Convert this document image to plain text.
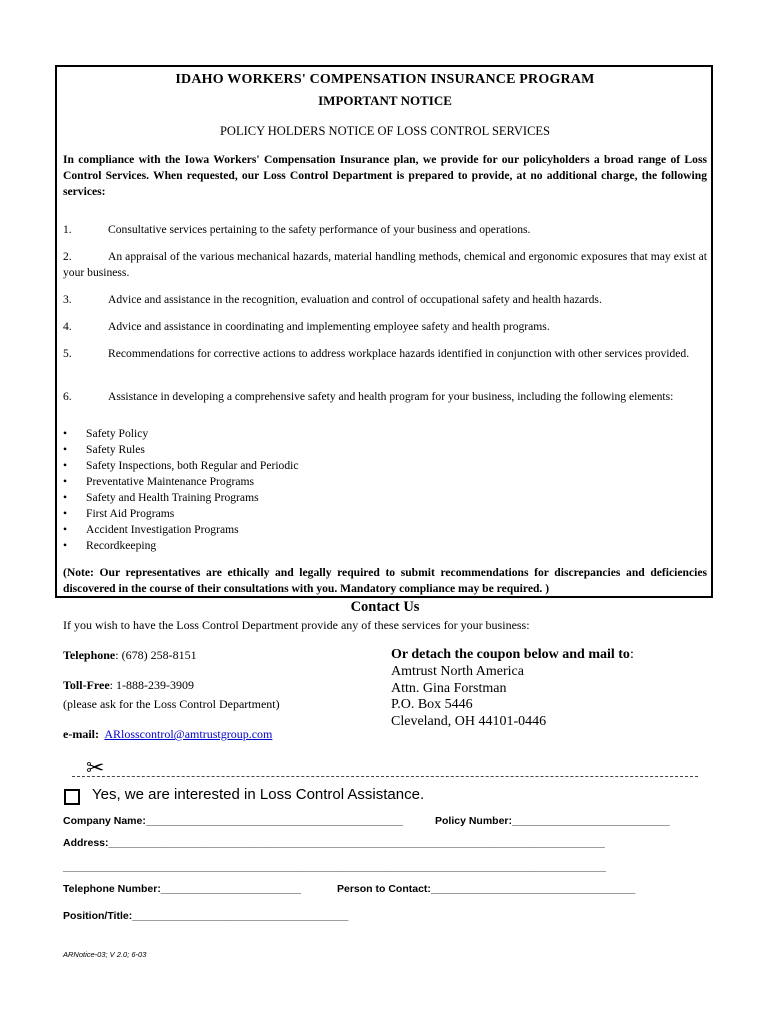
IDAHO WORKERS' COMPENSATION INSURANCE PROGRAM
IMPORTANT NOTICE
POLICY HOLDERS NOTICE OF LOSS CONTROL SERVICES
In compliance with the Iowa Workers' Compensation Insurance plan, we provide for our policyholders a broad range of Loss Control Services. When requested, our Loss Control Department is prepared to provide, at no additional charge, the following services:
1.	Consultative services pertaining to the safety performance of your business and operations.
2.	An appraisal of the various mechanical hazards, material handling methods, chemical and ergonomic exposures that may exist at your business.
3.	Advice and assistance in the recognition, evaluation and control of occupational safety and health hazards.
4.	Advice and assistance in coordinating and implementing employee safety and health programs.
5.	Recommendations for corrective actions to address workplace hazards identified in conjunction with other services provided.
6.	Assistance in developing a comprehensive safety and health program for your business, including the following elements:
• Safety Policy
• Safety Rules
• Safety Inspections, both Regular and Periodic
• Preventative Maintenance Programs
• Safety and Health Training Programs
• First Aid Programs
• Accident Investigation Programs
• Recordkeeping
(Note: Our representatives are ethically and legally required to submit recommendations for discrepancies and deficiencies discovered in the course of their consultations with you. Mandatory compliance may be required. )
Contact Us
If you wish to have the Loss Control Department provide any of these services for your business:
Telephone: (678) 258-8151
Toll-Free: 1-888-239-3909
(please ask for the Loss Control Department)
e-mail: ARlosscontrol@amtrustgroup.com
Or detach the coupon below and mail to:
Amtrust North America
Attn. Gina Forstman
P.O. Box 5446
Cleveland, OH 44101-0446
✂
Yes, we are interested in Loss Control Assistance.
Company Name:____________________________________________	Policy Number:___________________________
Address:_____________________________________________________________________________________
_____________________________________________________________________________________________
Telephone Number:________________________	Person to Contact:___________________________________
Position/Title:_____________________________________
ARNotice-03; V 2.0; 6-03
